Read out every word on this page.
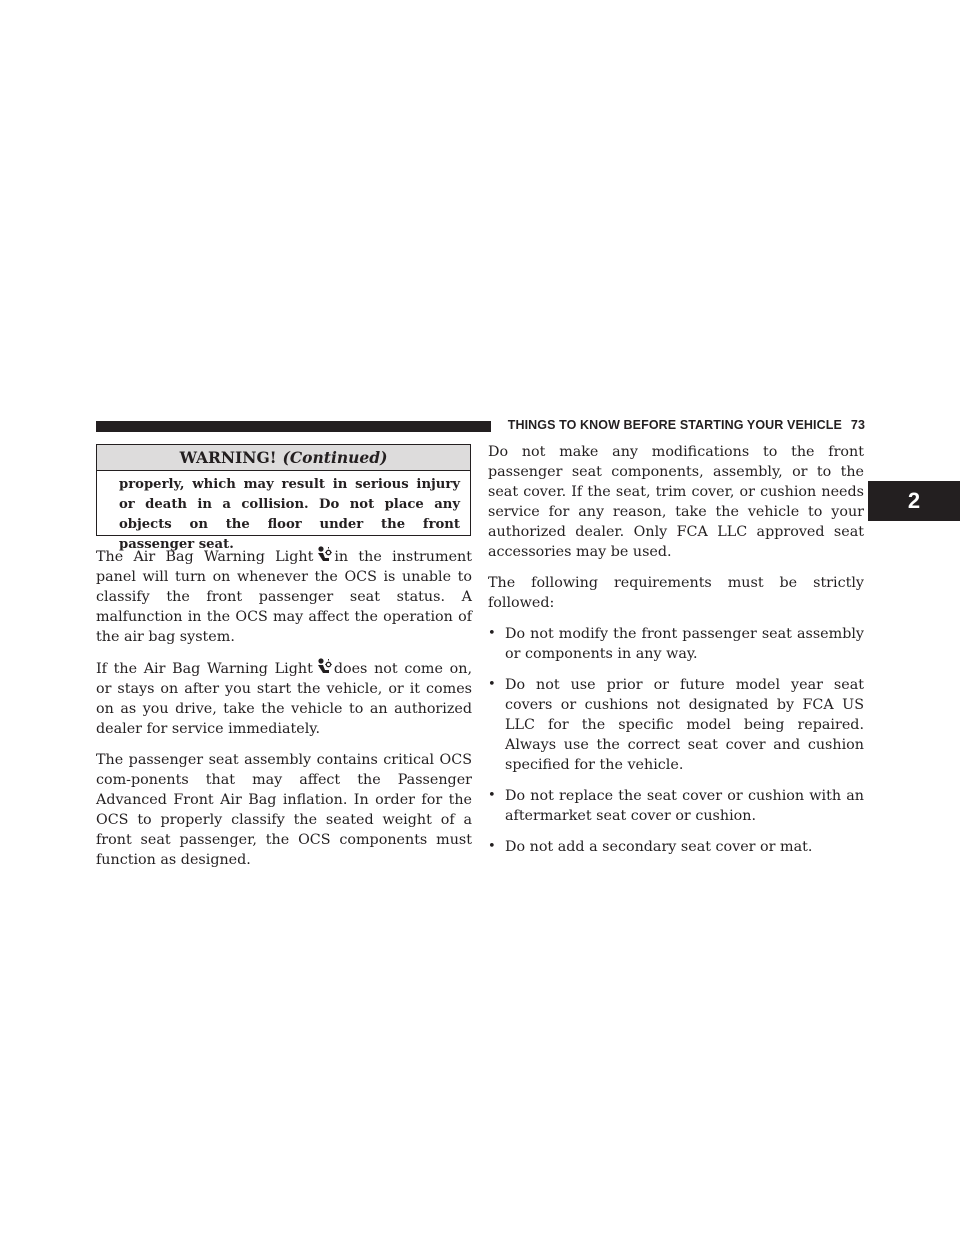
THINGS TO KNOW BEFORE STARTING YOUR VEHICLE 73
2
WARNING! (Continued)
properly, which may result in serious injury or death in a collision. Do not place any objects on the floor under the front passenger seat.

The Air Bag Warning Light in the instrument panel will turn on whenever the OCS is unable to classify the front passenger seat status. A malfunction in the OCS may affect the operation of the air bag system.

If the Air Bag Warning Light does not come on, or stays on after you start the vehicle, or it comes on as you drive, take the vehicle to an authorized dealer for service immediately.

The passenger seat assembly contains critical OCS com-ponents that may affect the Passenger Advanced Front Air Bag inflation. In order for the OCS to properly classify the seated weight of a front seat passenger, the OCS components must function as designed.

Do not make any modifications to the front passenger seat components, assembly, or to the seat cover. If the seat, trim cover, or cushion needs service for any reason, take the vehicle to your authorized dealer. Only FCA LLC approved seat accessories may be used.

The following requirements must be strictly followed:

• Do not modify the front passenger seat assembly or components in any way.
• Do not use prior or future model year seat covers or cushions not designated by FCA US LLC for the specific model being repaired. Always use the correct seat cover and cushion specified for the vehicle.
• Do not replace the seat cover or cushion with an aftermarket seat cover or cushion.
• Do not add a secondary seat cover or mat.
